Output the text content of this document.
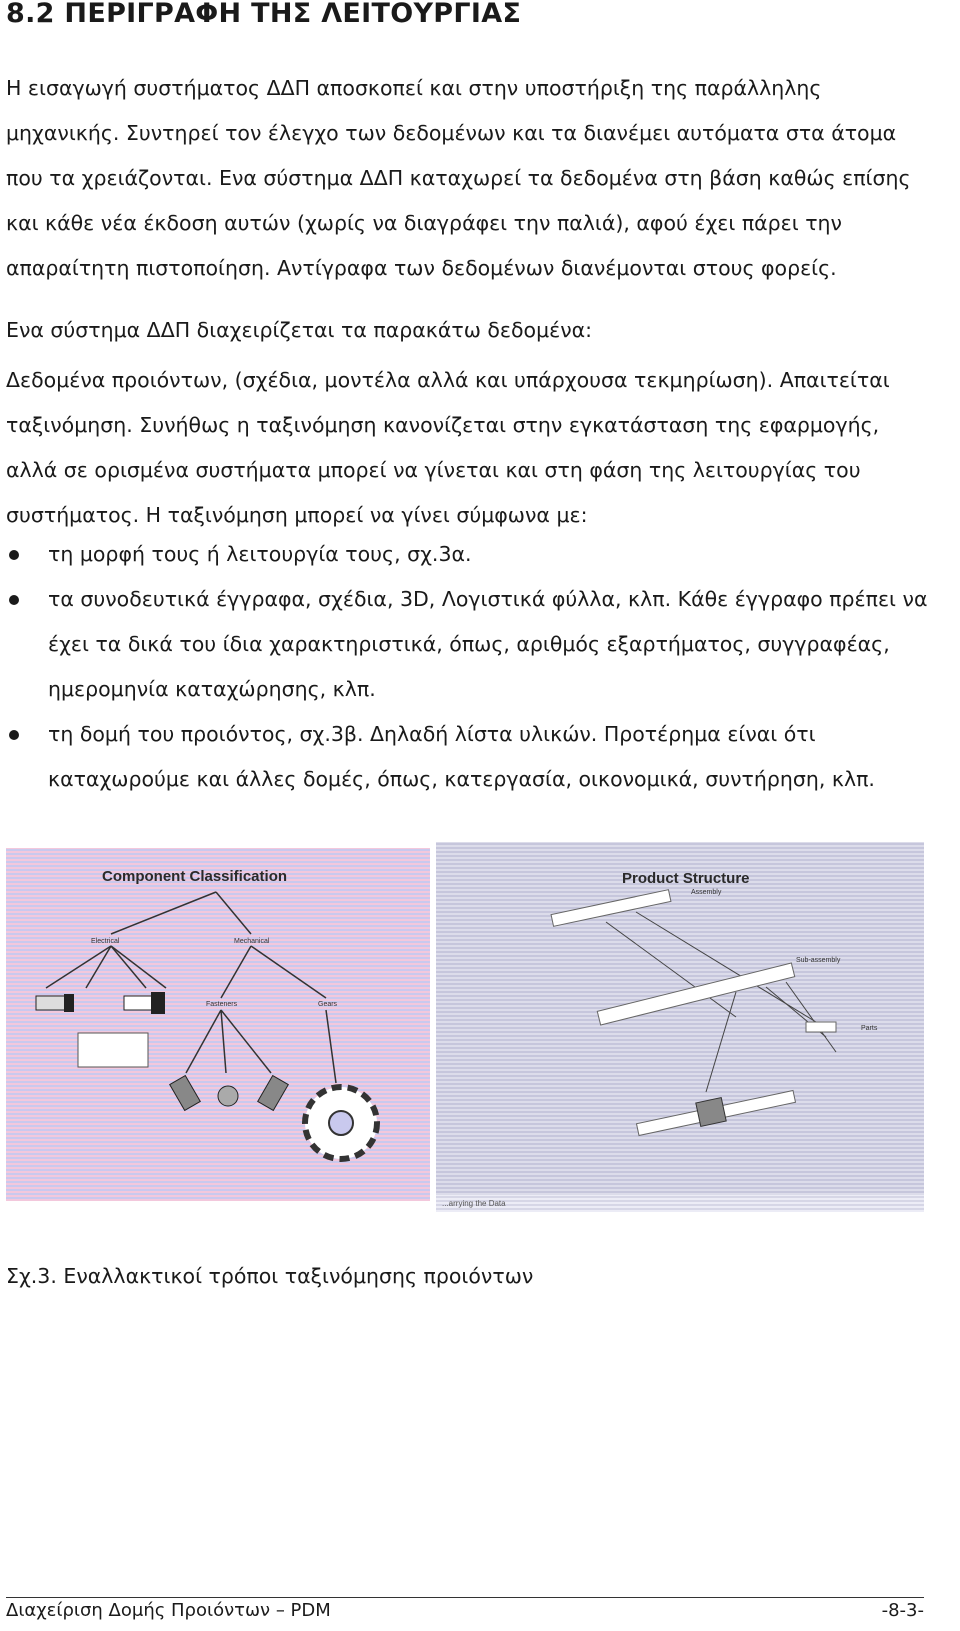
8.2 ΠΕΡΙΓΡΑΦΗ ΤΗΣ ΛΕΙΤΟΥΡΓΙΑΣ

Η εισαγωγή συστήματος ΔΔΠ αποσκοπεί και στην υποστήριξη της παράλληλης μηχανικής. Συντηρεί τον έλεγχο των δεδομένων και τα διανέμει αυτόματα στα άτομα που τα χρειάζονται. Ενα σύστημα ΔΔΠ καταχωρεί τα δεδομένα στη βάση καθώς επίσης και κάθε νέα έκδοση αυτών (χωρίς να διαγράφει την παλιά), αφού έχει πάρει την απαραίτητη πιστοποίηση. Αντίγραφα των δεδομένων διανέμονται στους φορείς.

Ενα σύστημα ΔΔΠ διαχειρίζεται τα παρακάτω δεδομένα:

Δεδομένα προιόντων, (σχέδια, μοντέλα αλλά και υπάρχουσα τεκμηρίωση). Απαιτείται ταξινόμηση. Συνήθως η ταξινόμηση κανονίζεται στην εγκατάσταση της εφαρμογής, αλλά σε ορισμένα συστήματα μπορεί να γίνεται και στη φάση της λειτουργίας του συστήματος. Η ταξινόμηση μπορεί να γίνει σύμφωνα με:

τη μορφή τους ή λειτουργία τους, σχ.3α.
τα συνοδευτικά έγγραφα, σχέδια, 3D, Λογιστικά φύλλα, κλπ. Κάθε έγγραφο πρέπει να έχει τα δικά του ίδια χαρακτηριστικά, όπως, αριθμός εξαρτήματος, συγγραφέας, ημερομηνία καταχώρησης, κλπ.
τη δομή του προιόντος, σχ.3β. Δηλαδή λίστα υλικών. Προτέρημα είναι ότι καταχωρούμε και άλλες δομές, όπως, κατεργασία, οικονομικά, συντήρηση, κλπ.

Component Classification

Electrical	Mechanical
Fasteners	Gears

Product Structure

Assembly
Sub-assembly
Parts
...arrying the Data

Σχ.3. Εναλλακτικοί τρόποι ταξινόμησης προιόντων

Διαχείριση Δομής Προιόντων – PDM	-8-3-
